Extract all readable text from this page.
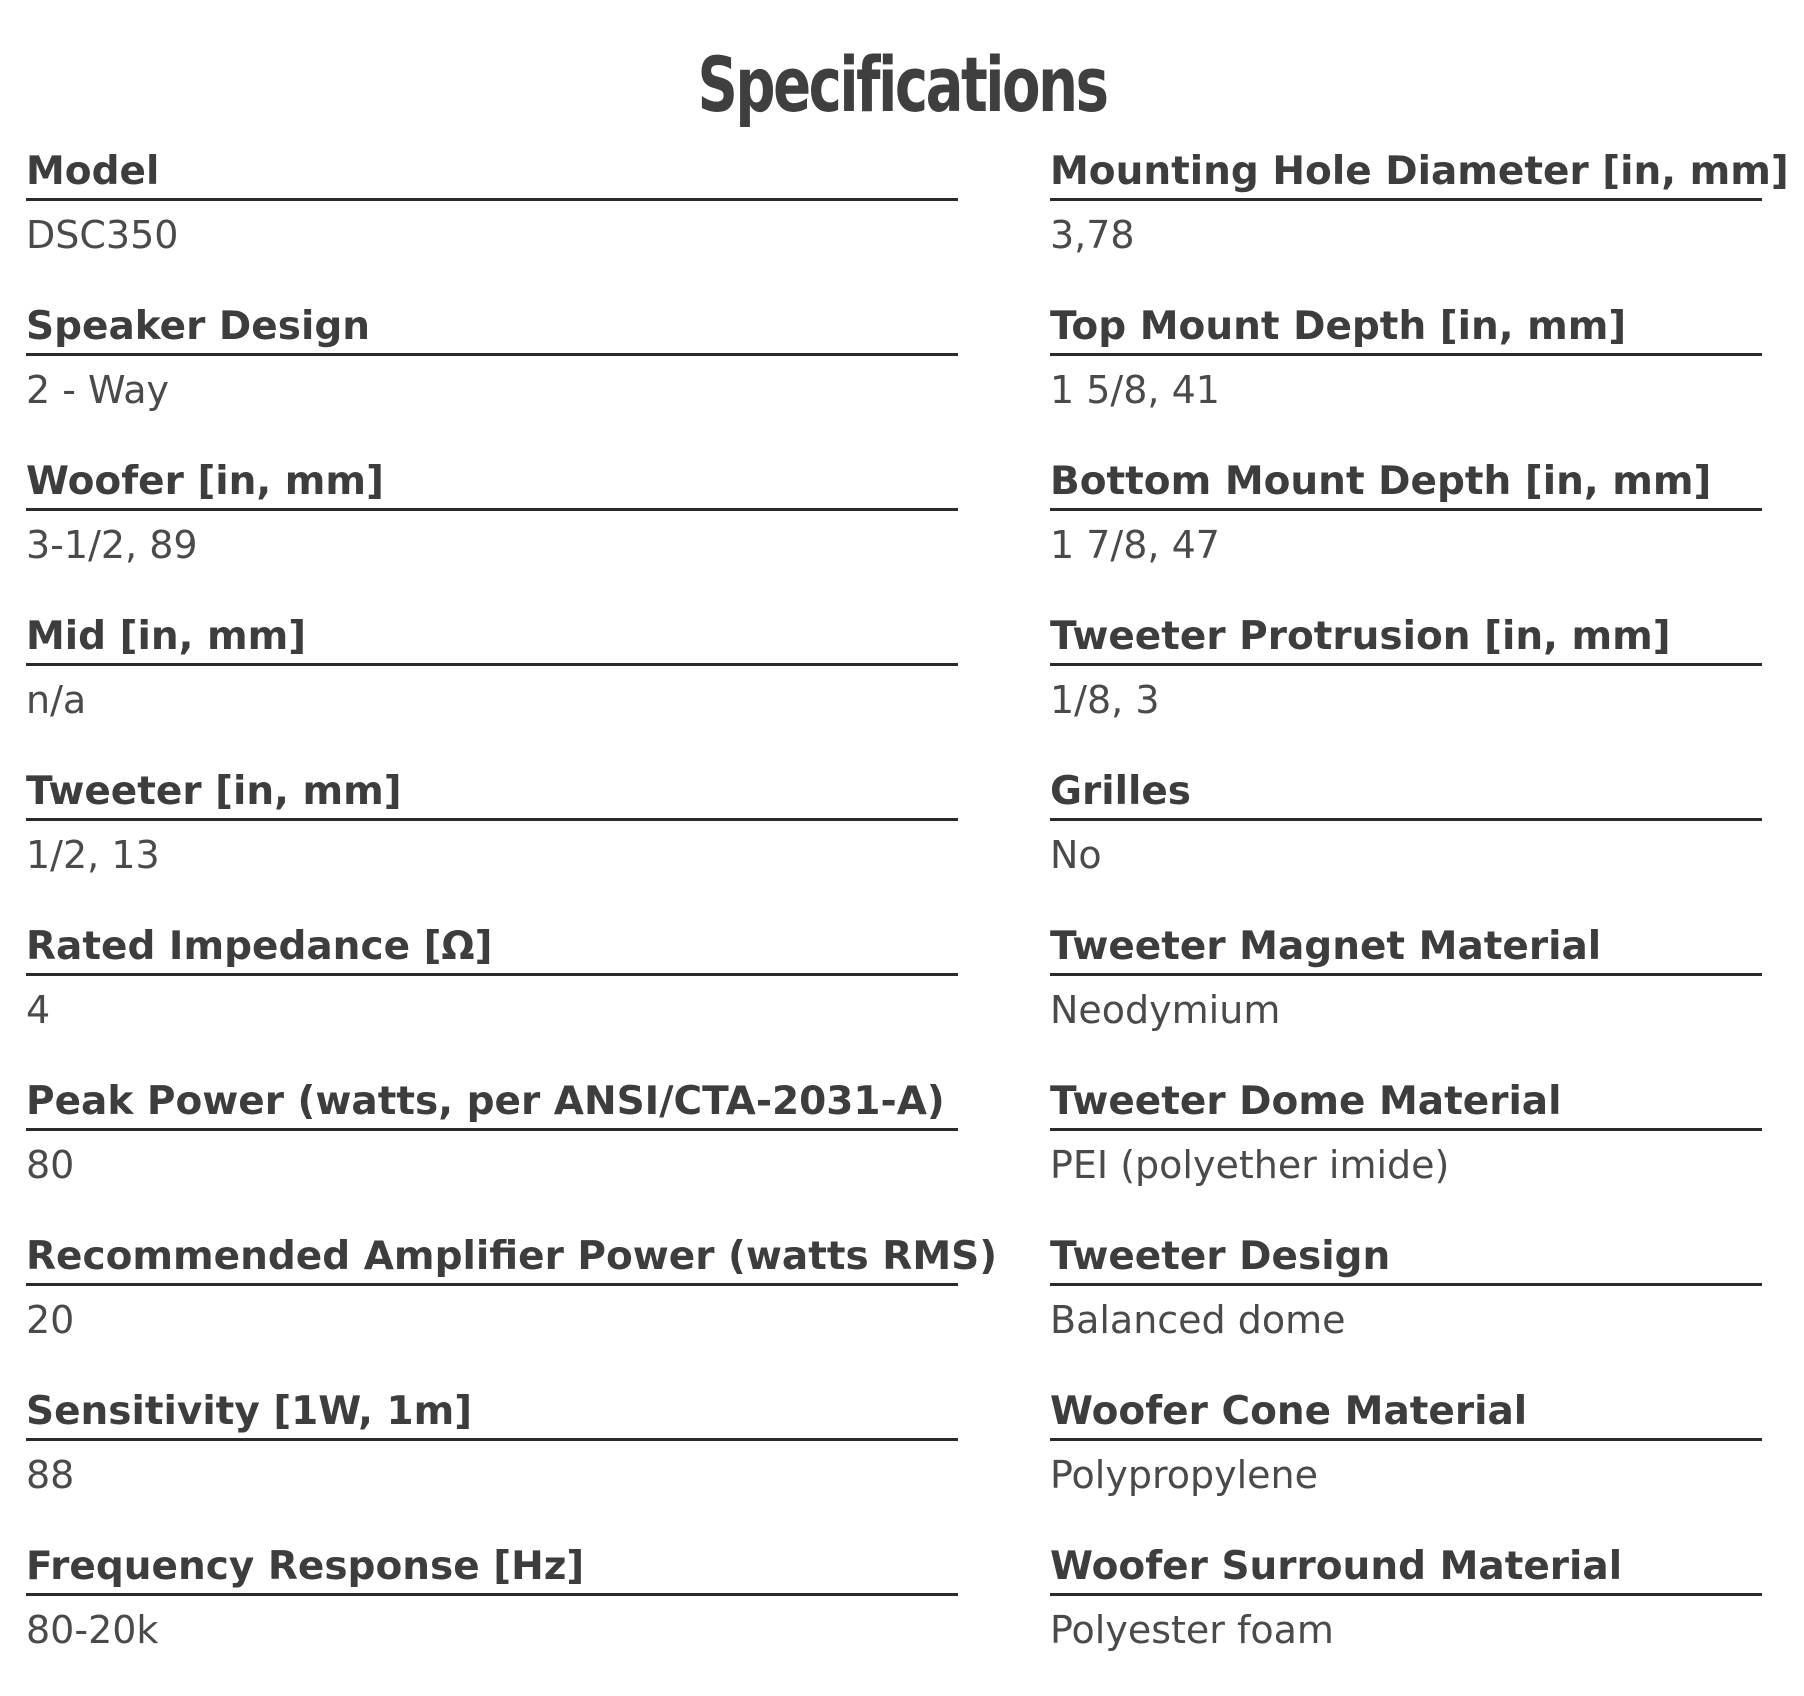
Specifications
Model
DSC350
Speaker Design
2 - Way
Woofer [in, mm]
3-1/2, 89
Mid [in, mm]
n/a
Tweeter [in, mm]
1/2, 13
Rated Impedance [Ω]
4
Peak Power (watts, per ANSI/CTA-2031-A)
80
Recommended Amplifier Power (watts RMS)
20
Sensitivity [1W, 1m]
88
Frequency Response [Hz]
80-20k
Mounting Hole Diameter [in, mm]
3,78
Top Mount Depth [in, mm]
1 5/8, 41
Bottom Mount Depth [in, mm]
1 7/8, 47
Tweeter Protrusion [in, mm]
1/8, 3
Grilles
No
Tweeter Magnet Material
Neodymium
Tweeter Dome Material
PEI (polyether imide)
Tweeter Design
Balanced dome
Woofer Cone Material
Polypropylene
Woofer Surround Material
Polyester foam
